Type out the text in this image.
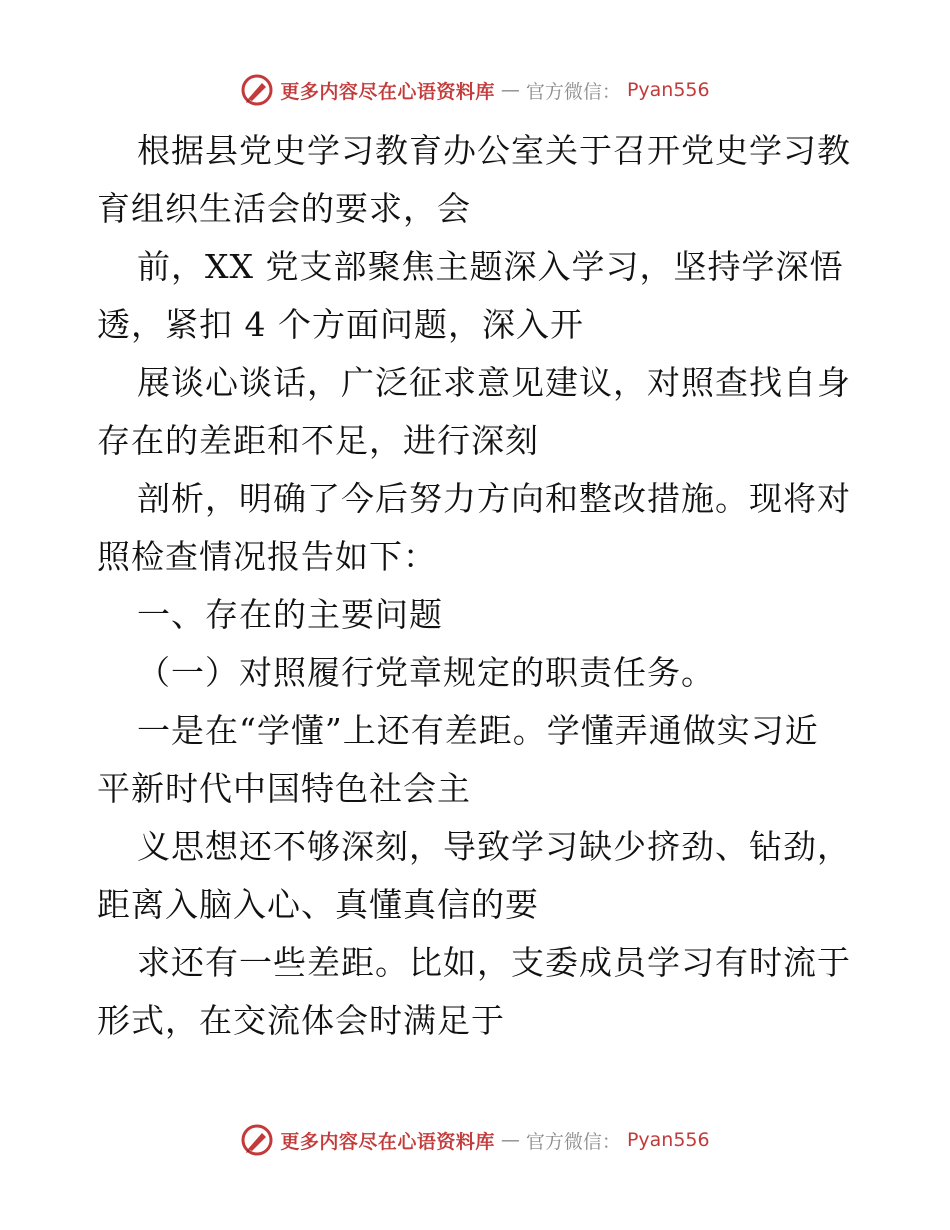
更多内容尽在心语资料库 — 官方微信： Pyan556
根据县党史学习教育办公室关于召开党史学习教
育组织生活会的要求，会
前，XX 党支部聚焦主题深入学习，坚持学深悟
透，紧扣 4 个方面问题，深入开
展谈心谈话，广泛征求意见建议，对照查找自身
存在的差距和不足，进行深刻
剖析，明确了今后努力方向和整改措施。现将对
照检查情况报告如下：
一、存在的主要问题
（一）对照履行党章规定的职责任务。
一是在“学懂”上还有差距。学懂弄通做实习近
平新时代中国特色社会主
义思想还不够深刻，导致学习缺少挤劲、钻劲，
距离入脑入心、真懂真信的要
求还有一些差距。比如，支委成员学习有时流于
形式，在交流体会时满足于
更多内容尽在心语资料库 — 官方微信： Pyan556
